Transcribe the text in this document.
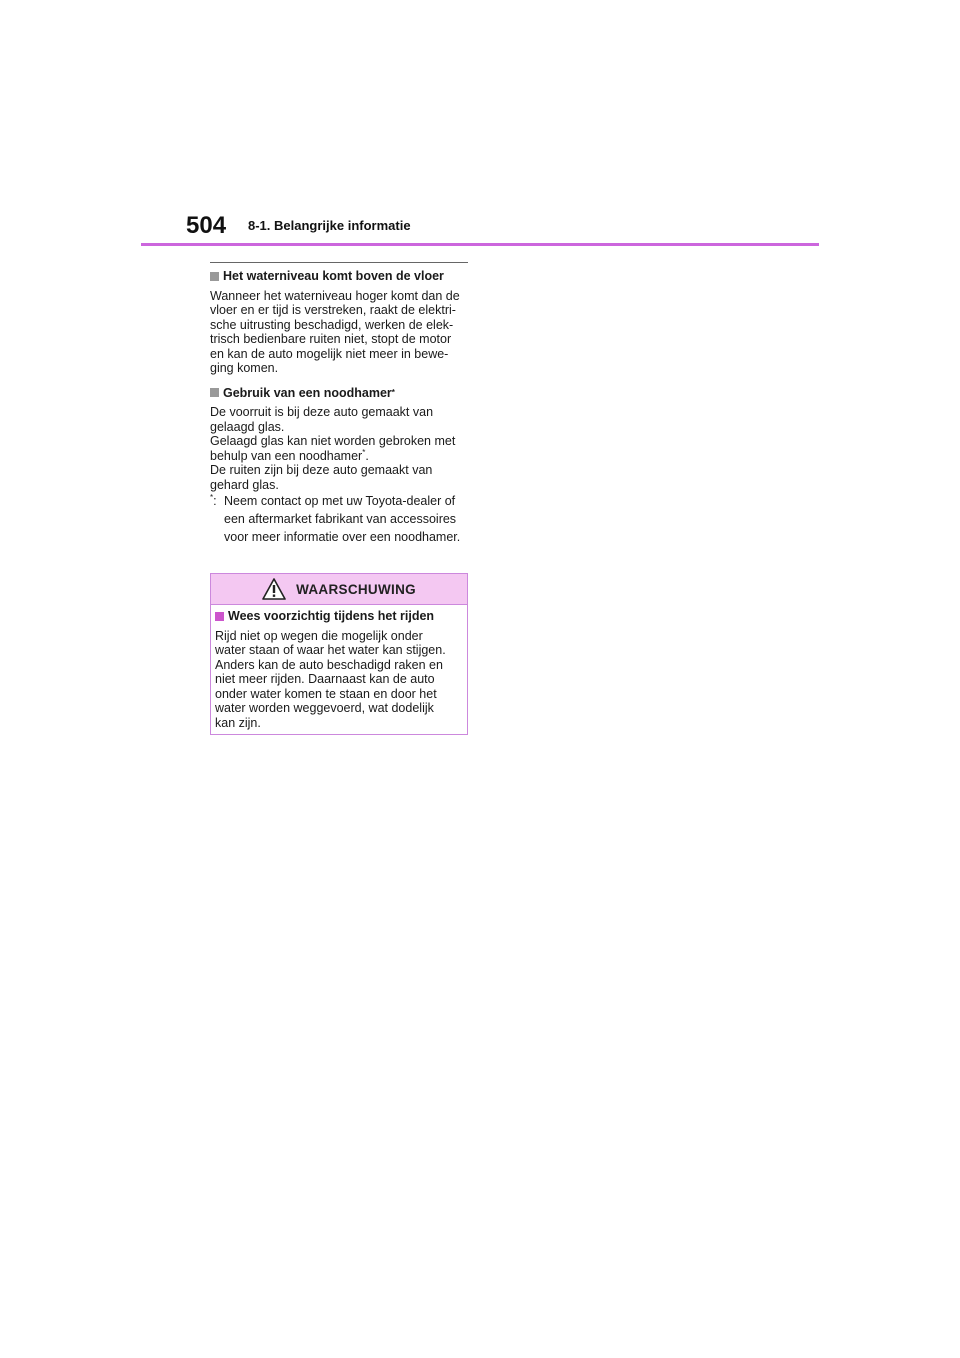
504 8-1. Belangrijke informatie
Het waterniveau komt boven de vloer
Wanneer het waterniveau hoger komt dan de
vloer en er tijd is verstreken, raakt de elektri-
sche uitrusting beschadigd, werken de elek-
trisch bedienbare ruiten niet, stopt de motor
en kan de auto mogelijk niet meer in bewe-
ging komen.
Gebruik van een noodhamer *
De voorruit is bij deze auto gemaakt van
gelaagd glas.
Gelaagd glas kan niet worden gebroken met
behulp van een noodhamer*.
De ruiten zijn bij deze auto gemaakt van
gehard glas.
*: Neem contact op met uw Toyota-dealer of
een aftermarket fabrikant van accessoires
voor meer informatie over een noodhamer.
WAARSCHUWING
Wees voorzichtig tijdens het rijden
Rijd niet op wegen die mogelijk onder
water staan of waar het water kan stijgen.
Anders kan de auto beschadigd raken en
niet meer rijden. Daarnaast kan de auto
onder water komen te staan en door het
water worden weggevoerd, wat dodelijk
kan zijn.
